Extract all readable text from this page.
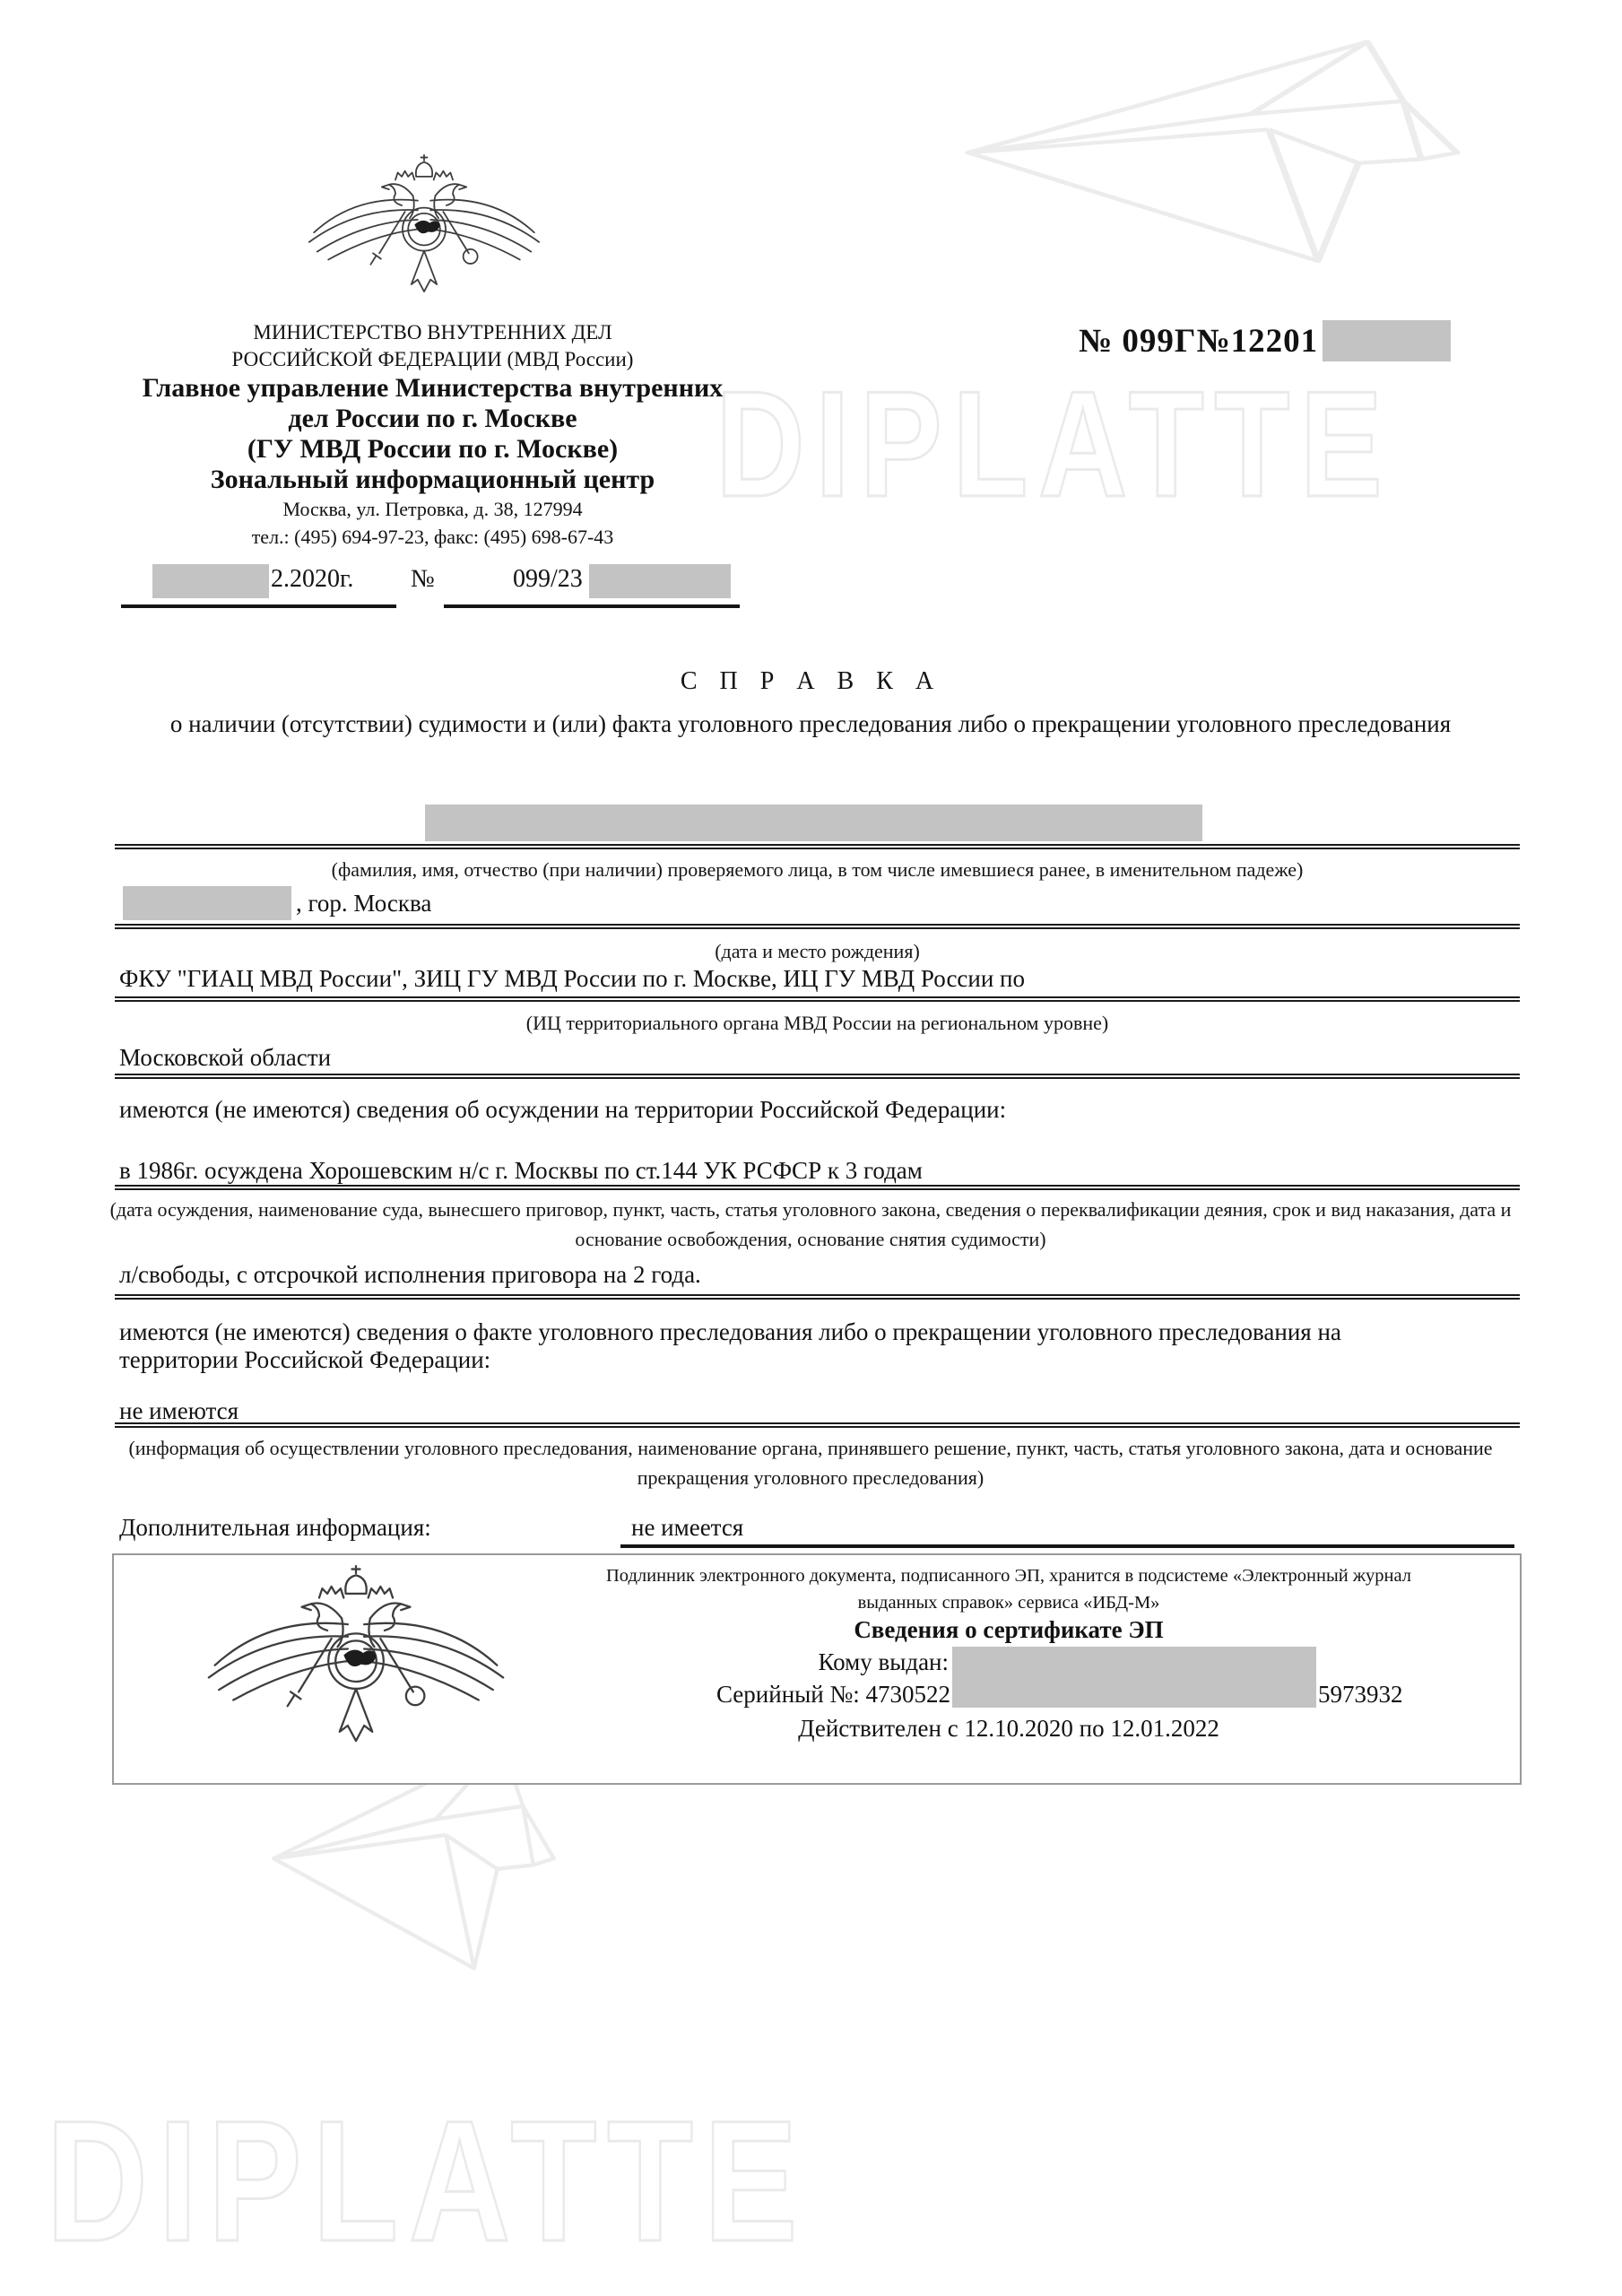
DIPLATTE
DIPLATTE
МИНИСТЕРСТВО ВНУТРЕННИХ ДЕЛ
РОССИЙСКОЙ ФЕДЕРАЦИИ (МВД России)
Главное управление Министерства внутренних
дел России по г. Москве
(ГУ МВД России по г. Москве)
Зональный информационный центр
Москва, ул. Петровка, д. 38, 127994
тел.: (495) 694-97-23, факс: (495) 698-67-43
№ 099Г№12201
2.2020г. №	099/23
С П Р А В К А
о наличии (отсутствии) судимости и (или) факта уголовного преследования либо о прекращении уголовного преследования
(фамилия, имя, отчество (при наличии) проверяемого лица, в том числе имевшиеся ранее, в именительном падеже)
, гор. Москва
(дата и место рождения)
ФКУ "ГИАЦ МВД России", ЗИЦ ГУ МВД России по г. Москве, ИЦ ГУ МВД России по
(ИЦ территориального органа МВД России на региональном уровне)
Московской области
имеются (не имеются) сведения об осуждении на территории Российской Федерации:
в 1986г. осуждена Хорошевским н/с г. Москвы по ст.144 УК РСФСР к 3 годам
(дата осуждения, наименование суда, вынесшего приговор, пункт, часть, статья уголовного закона, сведения о переквалификации деяния, срок и вид наказания, дата и основание освобождения, основание снятия судимости)
л/свободы, с отсрочкой исполнения приговора на 2 года.
имеются (не имеются) сведения о факте уголовного преследования либо о прекращении уголовного преследования на территории Российской Федерации:
не имеются
(информация об осуществлении уголовного преследования, наименование органа, принявшего решение, пункт, часть, статья уголовного закона, дата и основание прекращения уголовного преследования)
Дополнительная информация:	не имеется
Подлинник электронного документа, подписанного ЭП, хранится в подсистеме «Электронный журнал выданных справок» сервиса «ИБД-М»
Сведения о сертификате ЭП
Кому выдан:
Серийный №: 4730522	5973932
Действителен с 12.10.2020 по 12.01.2022
